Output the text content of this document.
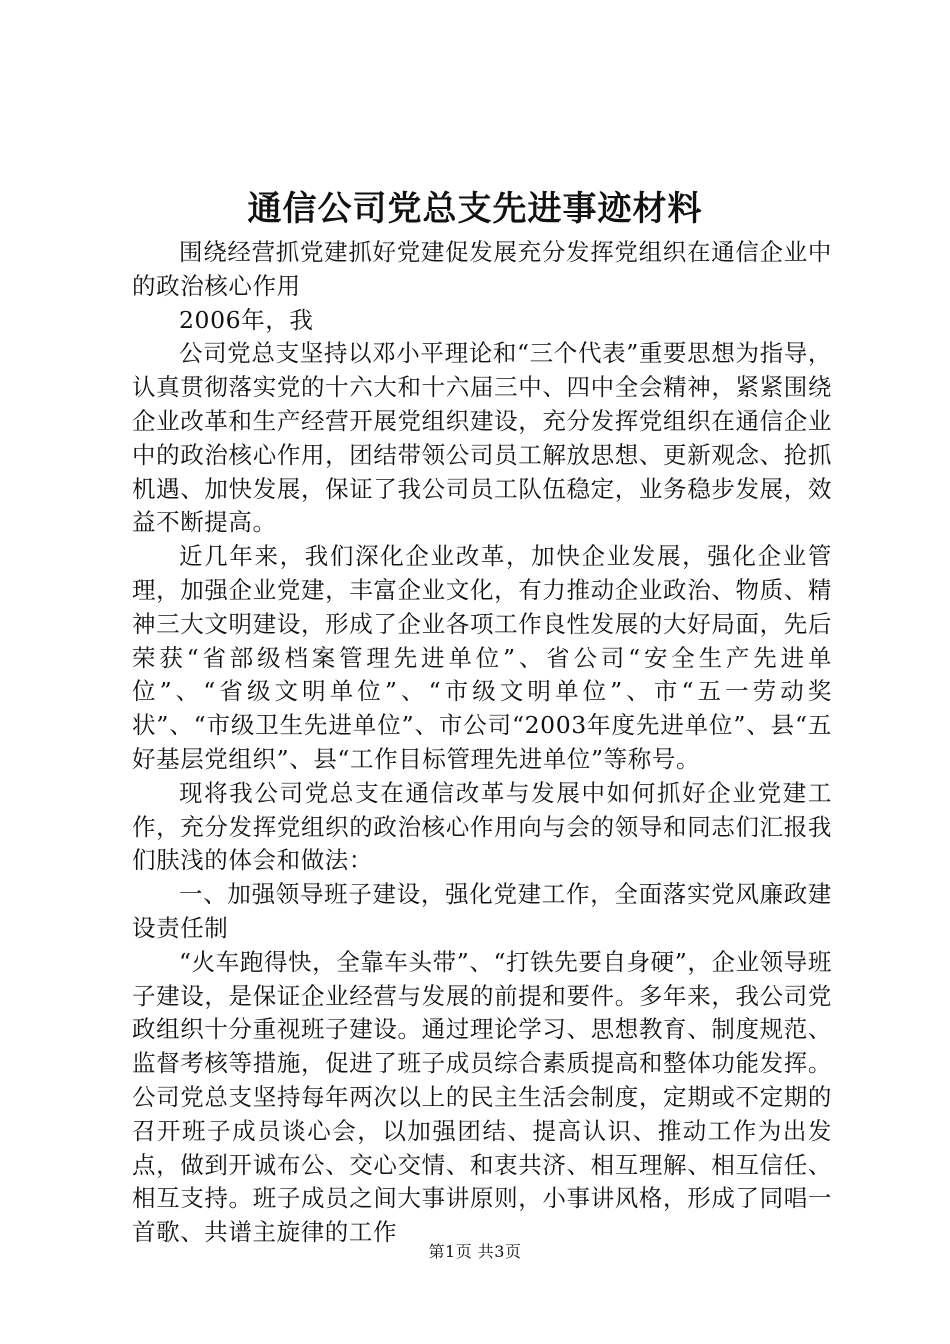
通信公司党总支先进事迹材料

围绕经营抓党建抓好党建促发展充分发挥党组织在通信企业中的政治核心作用

2006年，我

公司党总支坚持以邓小平理论和“三个代表”重要思想为指导，认真贯彻落实党的十六大和十六届三中、四中全会精神，紧紧围绕企业改革和生产经营开展党组织建设，充分发挥党组织在通信企业中的政治核心作用，团结带领公司员工解放思想、更新观念、抢抓机遇、加快发展，保证了我公司员工队伍稳定，业务稳步发展，效益不断提高。

近几年来，我们深化企业改革，加快企业发展，强化企业管理，加强企业党建，丰富企业文化，有力推动企业政治、物质、精神三大文明建设，形成了企业各项工作良性发展的大好局面，先后荣获“省部级档案管理先进单位”、省公司“安全生产先进单位”、“省级文明单位”、“市级文明单位”、市“五一劳动奖状”、“市级卫生先进单位”、市公司“2003年度先进单位”、县“五好基层党组织”、县“工作目标管理先进单位”等称号。

现将我公司党总支在通信改革与发展中如何抓好企业党建工作，充分发挥党组织的政治核心作用向与会的领导和同志们汇报我们肤浅的体会和做法：

一、加强领导班子建设，强化党建工作，全面落实党风廉政建设责任制

“火车跑得快，全靠车头带”、“打铁先要自身硬”，企业领导班子建设，是保证企业经营与发展的前提和要件。多年来，我公司党政组织十分重视班子建设。通过理论学习、思想教育、制度规范、监督考核等措施，促进了班子成员综合素质提高和整体功能发挥。公司党总支坚持每年两次以上的民主生活会制度，定期或不定期的召开班子成员谈心会，以加强团结、提高认识、推动工作为出发点，做到开诚布公、交心交情、和衷共济、相互理解、相互信任、相互支持。班子成员之间大事讲原则，小事讲风格，形成了同唱一首歌、共谱主旋律的工作

第1页 共3页
